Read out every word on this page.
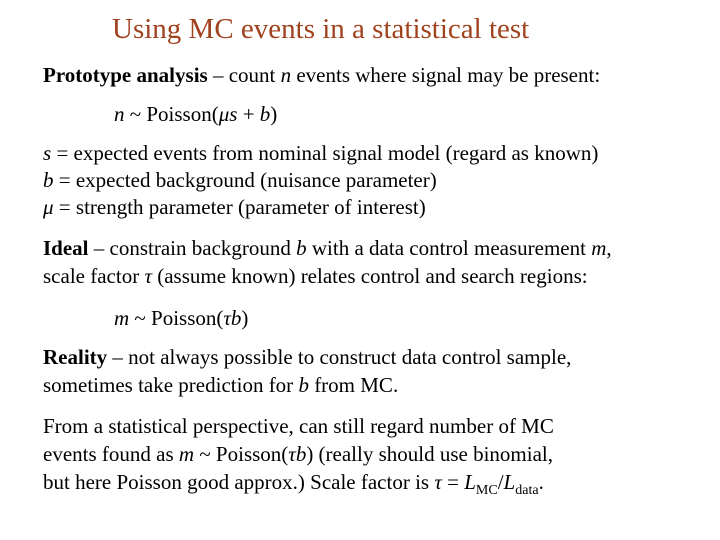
Using MC events in a statistical test
Prototype analysis – count n events where signal may be present:
n ~ Poisson(μs + b)
s = expected events from nominal signal model (regard as known)
b = expected background (nuisance parameter)
μ = strength parameter (parameter of interest)
Ideal – constrain background b with a data control measurement m,
scale factor τ (assume known) relates control and search regions:
m ~ Poisson(τb)
Reality – not always possible to construct data control sample,
sometimes take prediction for b from MC.
From a statistical perspective, can still regard number of MC
events found as m ~ Poisson(τb) (really should use binomial,
but here Poisson good approx.) Scale factor is $\tau = L_{MC}/L_{data}$.
